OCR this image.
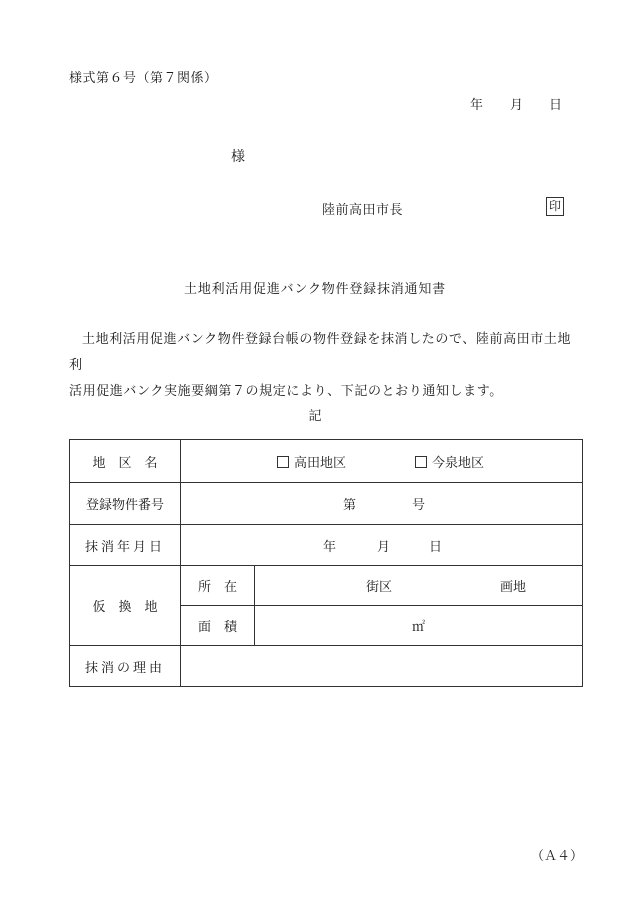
様式第６号（第７関係）
年 月 日
様
陸前高田市長	印
土地利活用促進バンク物件登録抹消通知書

土地利活用促進バンク物件登録台帳の物件登録を抹消したので、陸前高田市土地利

活用促進バンク実施要綱第７の規定により、下記のとおり通知します。

記
地　区　名	高田地区 今泉地区	

登録物件番号	第 号	

抹消年月日	年 月 日	

仮　換　地	所　在	街区 画地

	面　積	㎡
抹消の理由		
（Ａ４）
